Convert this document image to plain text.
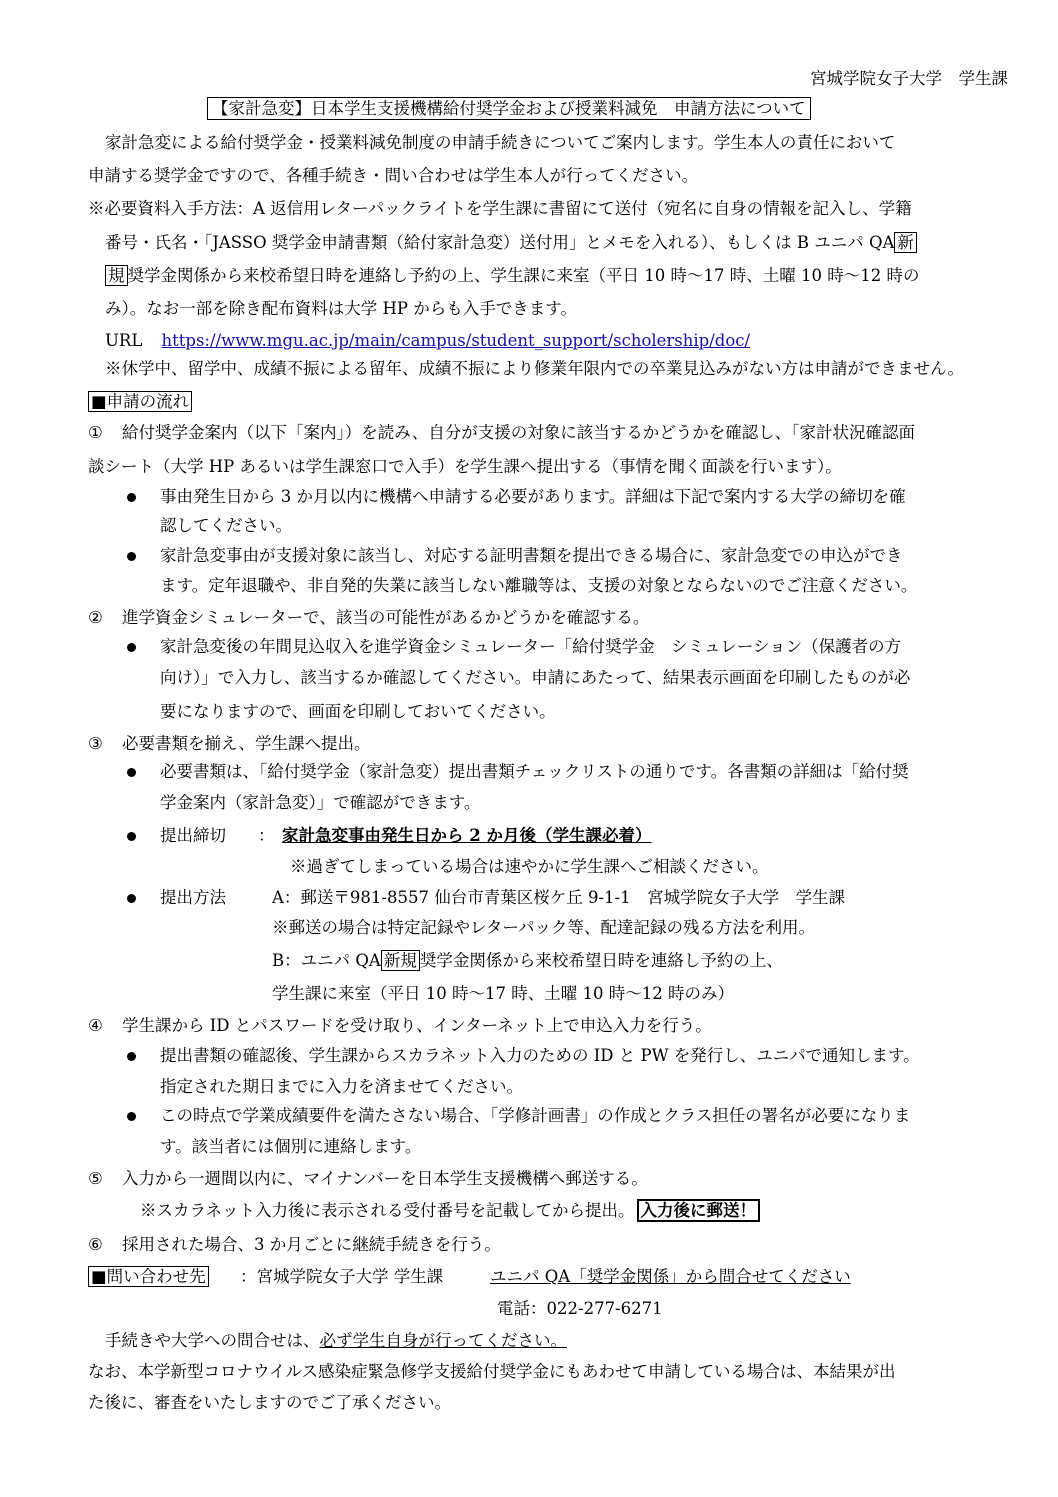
宮城学院女子大学　学生課
【家計急変】日本学生支援機構給付奨学金および授業料減免　申請方法について
家計急変による給付奨学金・授業料減免制度の申請手続きについてご案内します。学生本人の責任において
申請する奨学金ですので、各種手続き・問い合わせは学生本人が行ってください。
※必要資料入手方法：A 返信用レターパックライトを学生課に書留にて送付（宛名に自身の情報を記入し、学籍
番号・氏名・「JASSO 奨学金申請書類（給付家計急変）送付用」とメモを入れる）、もしくは B ユニパ QA 新
規 奨学金関係から来校希望日時を連絡し予約の上、学生課に来室（平日 10 時～17 時、土曜 10 時～12 時の
み）。なお一部を除き配布資料は大学 HP からも入手できます。
URL https://www.mgu.ac.jp/main/campus/student_support/scholership/doc/
※休学中、留学中、成績不振による留年、成績不振により修業年限内での卒業見込みがない方は申請ができません。
■申請の流れ
① 給付奨学金案内（以下「案内」）を読み、自分が支援の対象に該当するかどうかを確認し、「家計状況確認面
談シート（大学 HP あるいは学生課窓口で入手）を学生課へ提出する（事情を聞く面談を行います）。
事由発生日から 3 か月以内に機構へ申請する必要があります。詳細は下記で案内する大学の締切を確
認してください。
家計急変事由が支援対象に該当し、対応する証明書類を提出できる場合に、家計急変での申込ができ
ます。定年退職や、非自発的失業に該当しない離職等は、支援の対象とならないのでご注意ください。
② 進学資金シミュレーターで、該当の可能性があるかどうかを確認する。
家計急変後の年間見込収入を進学資金シミュレーター「給付奨学金　シミュレーション（保護者の方
向け）」で入力し、該当するか確認してください。申請にあたって、結果表示画面を印刷したものが必
要になりますので、画面を印刷しておいてください。
③ 必要書類を揃え、学生課へ提出。
必要書類は、「給付奨学金（家計急変）提出書類チェックリストの通りです。各書類の詳細は「給付奨
学金案内（家計急変）」で確認ができます。
提出締切 ： 家計急変事由発生日から 2 か月後（学生課必着）
※過ぎてしまっている場合は速やかに学生課へご相談ください。
提出方法	A：郵送〒981-8557 仙台市青葉区桜ケ丘 9-1-1　宮城学院女子大学　学生課
※郵送の場合は特定記録やレターパック等、配達記録の残る方法を利用。
B：ユニパ QA 新規 奨学金関係から来校希望日時を連絡し予約の上、
学生課に来室（平日 10 時～17 時、土曜 10 時～12 時のみ）
④ 学生課から ID とパスワードを受け取り、インターネット上で申込入力を行う。
提出書類の確認後、学生課からスカラネット入力のための ID と PW を発行し、ユニパで通知します。
指定された期日までに入力を済ませてください。
この時点で学業成績要件を満たさない場合、「学修計画書」の作成とクラス担任の署名が必要になりま
す。該当者には個別に連絡します。
⑤ 入力から一週間以内に、マイナンバーを日本学生支援機構へ郵送する。
※スカラネット入力後に表示される受付番号を記載してから提出。 入力後に郵送！
⑥ 採用された場合、3 か月ごとに継続手続きを行う。
■問い合わせ先 ：宮城学院女子大学 学生課	ユニパ QA「奨学金関係」から問合せてください
電話：022-277-6271
手続きや大学への問合せは、必ず学生自身が行ってください。
なお、本学新型コロナウイルス感染症緊急修学支援給付奨学金にもあわせて申請している場合は、本結果が出
た後に、審査をいたしますのでご了承ください。
